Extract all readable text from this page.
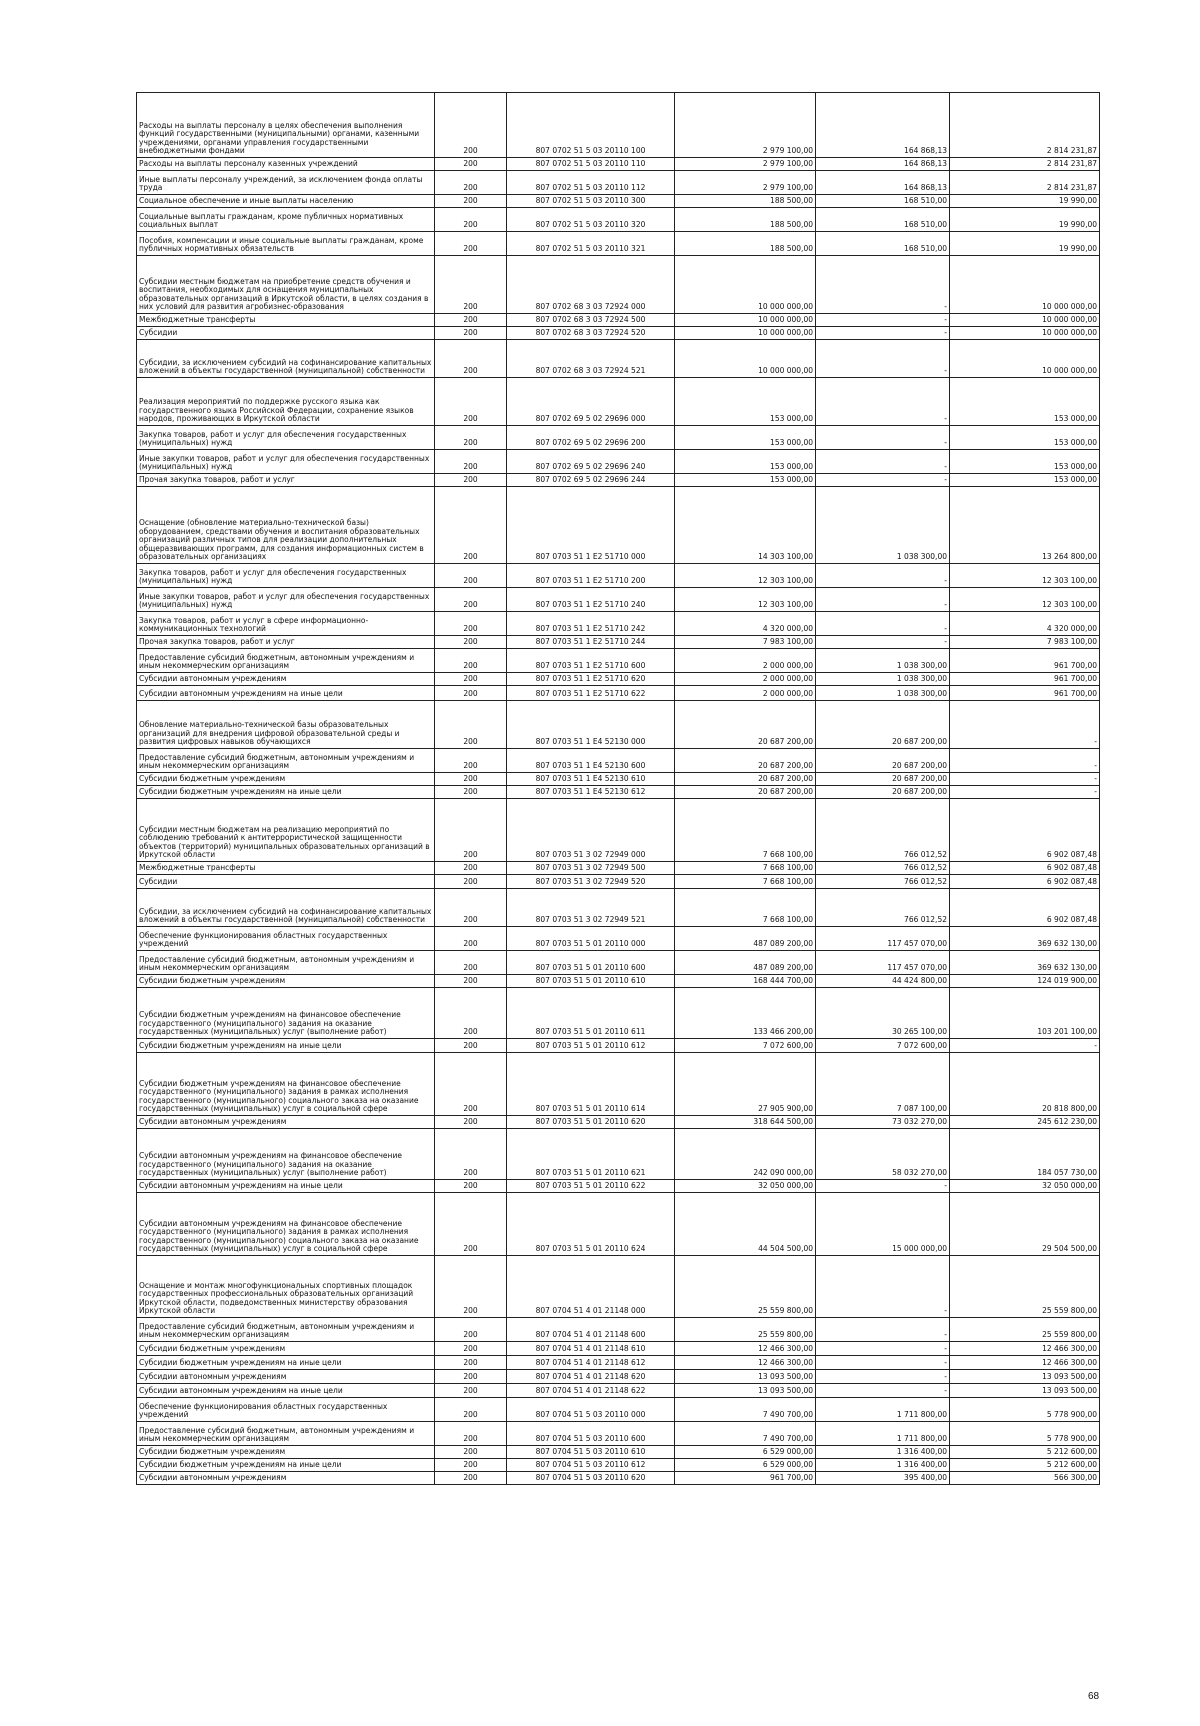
Расходы на выплаты персоналу в целях обеспечения выполнения функций государственными (муниципальными) органами, казенными учреждениями, органами управления государственными внебюджетными фондами	200	807 0702 51 5 03 20110 100	2 979 100,00	164 868,13	2 814 231,87
Расходы на выплаты персоналу казенных учреждений	200	807 0702 51 5 03 20110 110	2 979 100,00	164 868,13	2 814 231,87
Иные выплаты персоналу учреждений, за исключением фонда оплаты труда	200	807 0702 51 5 03 20110 112	2 979 100,00	164 868,13	2 814 231,87
Социальное обеспечение и иные выплаты населению	200	807 0702 51 5 03 20110 300	188 500,00	168 510,00	19 990,00
Социальные выплаты гражданам, кроме публичных нормативных социальных выплат	200	807 0702 51 5 03 20110 320	188 500,00	168 510,00	19 990,00
Пособия, компенсации и иные социальные выплаты гражданам, кроме публичных нормативных обязательств	200	807 0702 51 5 03 20110 321	188 500,00	168 510,00	19 990,00
Субсидии местным бюджетам на приобретение средств обучения и воспитания, необходимых для оснащения муниципальных образовательных организаций в Иркутской области, в целях создания в них условий для развития агробизнес-образования	200	807 0702 68 3 03 72924 000	10 000 000,00	-	10 000 000,00
Межбюджетные трансферты	200	807 0702 68 3 03 72924 500	10 000 000,00	-	10 000 000,00
Субсидии	200	807 0702 68 3 03 72924 520	10 000 000,00	-	10 000 000,00
Субсидии, за исключением субсидий на софинансирование капитальных вложений в объекты государственной (муниципальной) собственности	200	807 0702 68 3 03 72924 521	10 000 000,00	-	10 000 000,00
Реализация мероприятий по поддержке русского языка как государственного языка Российской Федерации, сохранение языков народов, проживающих в Иркутской области	200	807 0702 69 5 02 29696 000	153 000,00	-	153 000,00
Закупка товаров, работ и услуг для обеспечения государственных (муниципальных) нужд	200	807 0702 69 5 02 29696 200	153 000,00	-	153 000,00
Иные закупки товаров, работ и услуг для обеспечения государственных (муниципальных) нужд	200	807 0702 69 5 02 29696 240	153 000,00	-	153 000,00
Прочая закупка товаров, работ и услуг	200	807 0702 69 5 02 29696 244	153 000,00	-	153 000,00
Оснащение (обновление материально-технической базы) оборудованием, средствами обучения и воспитания образовательных организаций различных типов для реализации дополнительных общеразвивающих программ, для создания информационных систем в образовательных организациях	200	807 0703 51 1 E2 51710 000	14 303 100,00	1 038 300,00	13 264 800,00
Закупка товаров, работ и услуг для обеспечения государственных (муниципальных) нужд	200	807 0703 51 1 E2 51710 200	12 303 100,00	-	12 303 100,00
Иные закупки товаров, работ и услуг для обеспечения государственных (муниципальных) нужд	200	807 0703 51 1 E2 51710 240	12 303 100,00	-	12 303 100,00
Закупка товаров, работ и услуг в сфере информационно-коммуникационных технологий	200	807 0703 51 1 E2 51710 242	4 320 000,00	-	4 320 000,00
Прочая закупка товаров, работ и услуг	200	807 0703 51 1 E2 51710 244	7 983 100,00	-	7 983 100,00
Предоставление субсидий бюджетным, автономным учреждениям и иным некоммерческим организациям	200	807 0703 51 1 E2 51710 600	2 000 000,00	1 038 300,00	961 700,00
Субсидии автономным учреждениям	200	807 0703 51 1 E2 51710 620	2 000 000,00	1 038 300,00	961 700,00
Субсидии автономным учреждениям на иные цели	200	807 0703 51 1 E2 51710 622	2 000 000,00	1 038 300,00	961 700,00
Обновление материально-технической базы образовательных организаций для внедрения цифровой образовательной среды и развития цифровых навыков обучающихся	200	807 0703 51 1 E4 52130 000	20 687 200,00	20 687 200,00	-
Предоставление субсидий бюджетным, автономным учреждениям и иным некоммерческим организациям	200	807 0703 51 1 E4 52130 600	20 687 200,00	20 687 200,00	-
Субсидии бюджетным учреждениям	200	807 0703 51 1 E4 52130 610	20 687 200,00	20 687 200,00	-
Субсидии бюджетным учреждениям на иные цели	200	807 0703 51 1 E4 52130 612	20 687 200,00	20 687 200,00	-
Субсидии местным бюджетам на реализацию мероприятий по соблюдению требований к антитеррористической защищенности объектов (территорий) муниципальных образовательных организаций в Иркутской области	200	807 0703 51 3 02 72949 000	7 668 100,00	766 012,52	6 902 087,48
Межбюджетные трансферты	200	807 0703 51 3 02 72949 500	7 668 100,00	766 012,52	6 902 087,48
Субсидии	200	807 0703 51 3 02 72949 520	7 668 100,00	766 012,52	6 902 087,48
Субсидии, за исключением субсидий на софинансирование капитальных вложений в объекты государственной (муниципальной) собственности	200	807 0703 51 3 02 72949 521	7 668 100,00	766 012,52	6 902 087,48
Обеспечение функционирования областных государственных учреждений	200	807 0703 51 5 01 20110 000	487 089 200,00	117 457 070,00	369 632 130,00
Предоставление субсидий бюджетным, автономным учреждениям и иным некоммерческим организациям	200	807 0703 51 5 01 20110 600	487 089 200,00	117 457 070,00	369 632 130,00
Субсидии бюджетным учреждениям	200	807 0703 51 5 01 20110 610	168 444 700,00	44 424 800,00	124 019 900,00
Субсидии бюджетным учреждениям на финансовое обеспечение государственного (муниципального) задания на оказание государственных (муниципальных) услуг (выполнение работ)	200	807 0703 51 5 01 20110 611	133 466 200,00	30 265 100,00	103 201 100,00
Субсидии бюджетным учреждениям на иные цели	200	807 0703 51 5 01 20110 612	7 072 600,00	7 072 600,00	-
Субсидии бюджетным учреждениям на финансовое обеспечение государственного (муниципального) задания в рамках исполнения государственного (муниципального) социального заказа на оказание государственных (муниципальных) услуг в социальной сфере	200	807 0703 51 5 01 20110 614	27 905 900,00	7 087 100,00	20 818 800,00
Субсидии автономным учреждениям	200	807 0703 51 5 01 20110 620	318 644 500,00	73 032 270,00	245 612 230,00
Субсидии автономным учреждениям на финансовое обеспечение государственного (муниципального) задания на оказание государственных (муниципальных) услуг (выполнение работ)	200	807 0703 51 5 01 20110 621	242 090 000,00	58 032 270,00	184 057 730,00
Субсидии автономным учреждениям на иные цели	200	807 0703 51 5 01 20110 622	32 050 000,00	-	32 050 000,00
Субсидии автономным учреждениям на финансовое обеспечение государственного (муниципального) задания в рамках исполнения государственного (муниципального) социального заказа на оказание государственных (муниципальных) услуг в социальной сфере	200	807 0703 51 5 01 20110 624	44 504 500,00	15 000 000,00	29 504 500,00
Оснащение и монтаж многофункциональных спортивных площадок государственных профессиональных образовательных организаций Иркутской области, подведомственных министерству образования Иркутской области	200	807 0704 51 4 01 21148 000	25 559 800,00	-	25 559 800,00
Предоставление субсидий бюджетным, автономным учреждениям и иным некоммерческим организациям	200	807 0704 51 4 01 21148 600	25 559 800,00	-	25 559 800,00
Субсидии бюджетным учреждениям	200	807 0704 51 4 01 21148 610	12 466 300,00	-	12 466 300,00
Субсидии бюджетным учреждениям на иные цели	200	807 0704 51 4 01 21148 612	12 466 300,00	-	12 466 300,00
Субсидии автономным учреждениям	200	807 0704 51 4 01 21148 620	13 093 500,00	-	13 093 500,00
Субсидии автономным учреждениям на иные цели	200	807 0704 51 4 01 21148 622	13 093 500,00	-	13 093 500,00
Обеспечение функционирования областных государственных учреждений	200	807 0704 51 5 03 20110 000	7 490 700,00	1 711 800,00	5 778 900,00
Предоставление субсидий бюджетным, автономным учреждениям и иным некоммерческим организациям	200	807 0704 51 5 03 20110 600	7 490 700,00	1 711 800,00	5 778 900,00
Субсидии бюджетным учреждениям	200	807 0704 51 5 03 20110 610	6 529 000,00	1 316 400,00	5 212 600,00
Субсидии бюджетным учреждениям на иные цели	200	807 0704 51 5 03 20110 612	6 529 000,00	1 316 400,00	5 212 600,00
Субсидии автономным учреждениям	200	807 0704 51 5 03 20110 620	961 700,00	395 400,00	566 300,00
68
